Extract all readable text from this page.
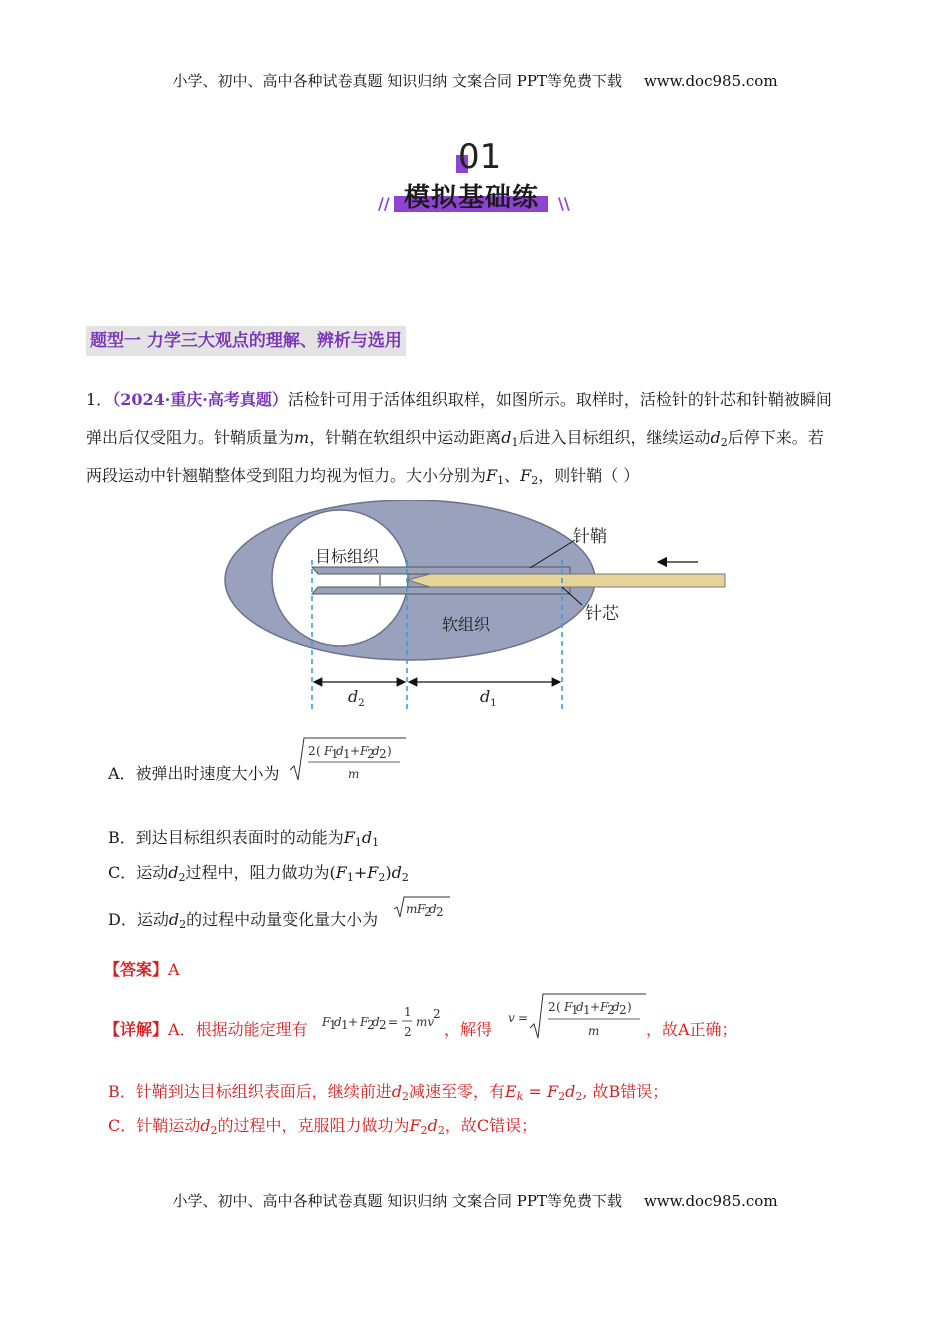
小学、初中、高中各种试卷真题 知识归纳 文案合同 PPT等免费下载 www.doc985.com
01
// 模拟基础练 \\
题型一 力学三大观点的理解、辨析与选用
1．（2024·重庆·高考真题）活检针可用于活体组织取样，如图所示。取样时，活检针的针芯和针鞘被瞬间
弹出后仅受阻力。针鞘质量为m，针鞘在软组织中运动距离$d_1$后进入目标组织，继续运动$d_2$后停下来。若
两段运动中针翘鞘整体受到阻力均视为恒力。大小分别为$F_1$、$F_2$，则针鞘（ ）
目标组织
软组织
针鞘
针芯
$d_2$	$d_1$
A．被弹出时速度大小为
2 ( F
1
d 1 + F
2
d 2 )
m
B．到达目标组织表面时的动能为$F_1d_1$
C．运动$d_2$过程中，阻力做功为$(F_1+F_2)d_2$
D．运动$d_2$的过程中动量变化量大小为
m F
2
d 2
【答案】A
【详解】A．根据动能定理有 F
1
d 1 + F
2
d 2 =
1
2
mv
2
，解得
v =
2 ( F
1
d 1 + F
2
d 2 )
m	，故A正确；
B．针鞘到达目标组织表面后，继续前进$d_2$减速至零，有$E_k = F_2d_2$, 故B错误；
C．针鞘运动$d_2$的过程中，克服阻力做功为$F_2d_2$，故C错误；
小学、初中、高中各种试卷真题 知识归纳 文案合同 PPT等免费下载 www.doc985.com
